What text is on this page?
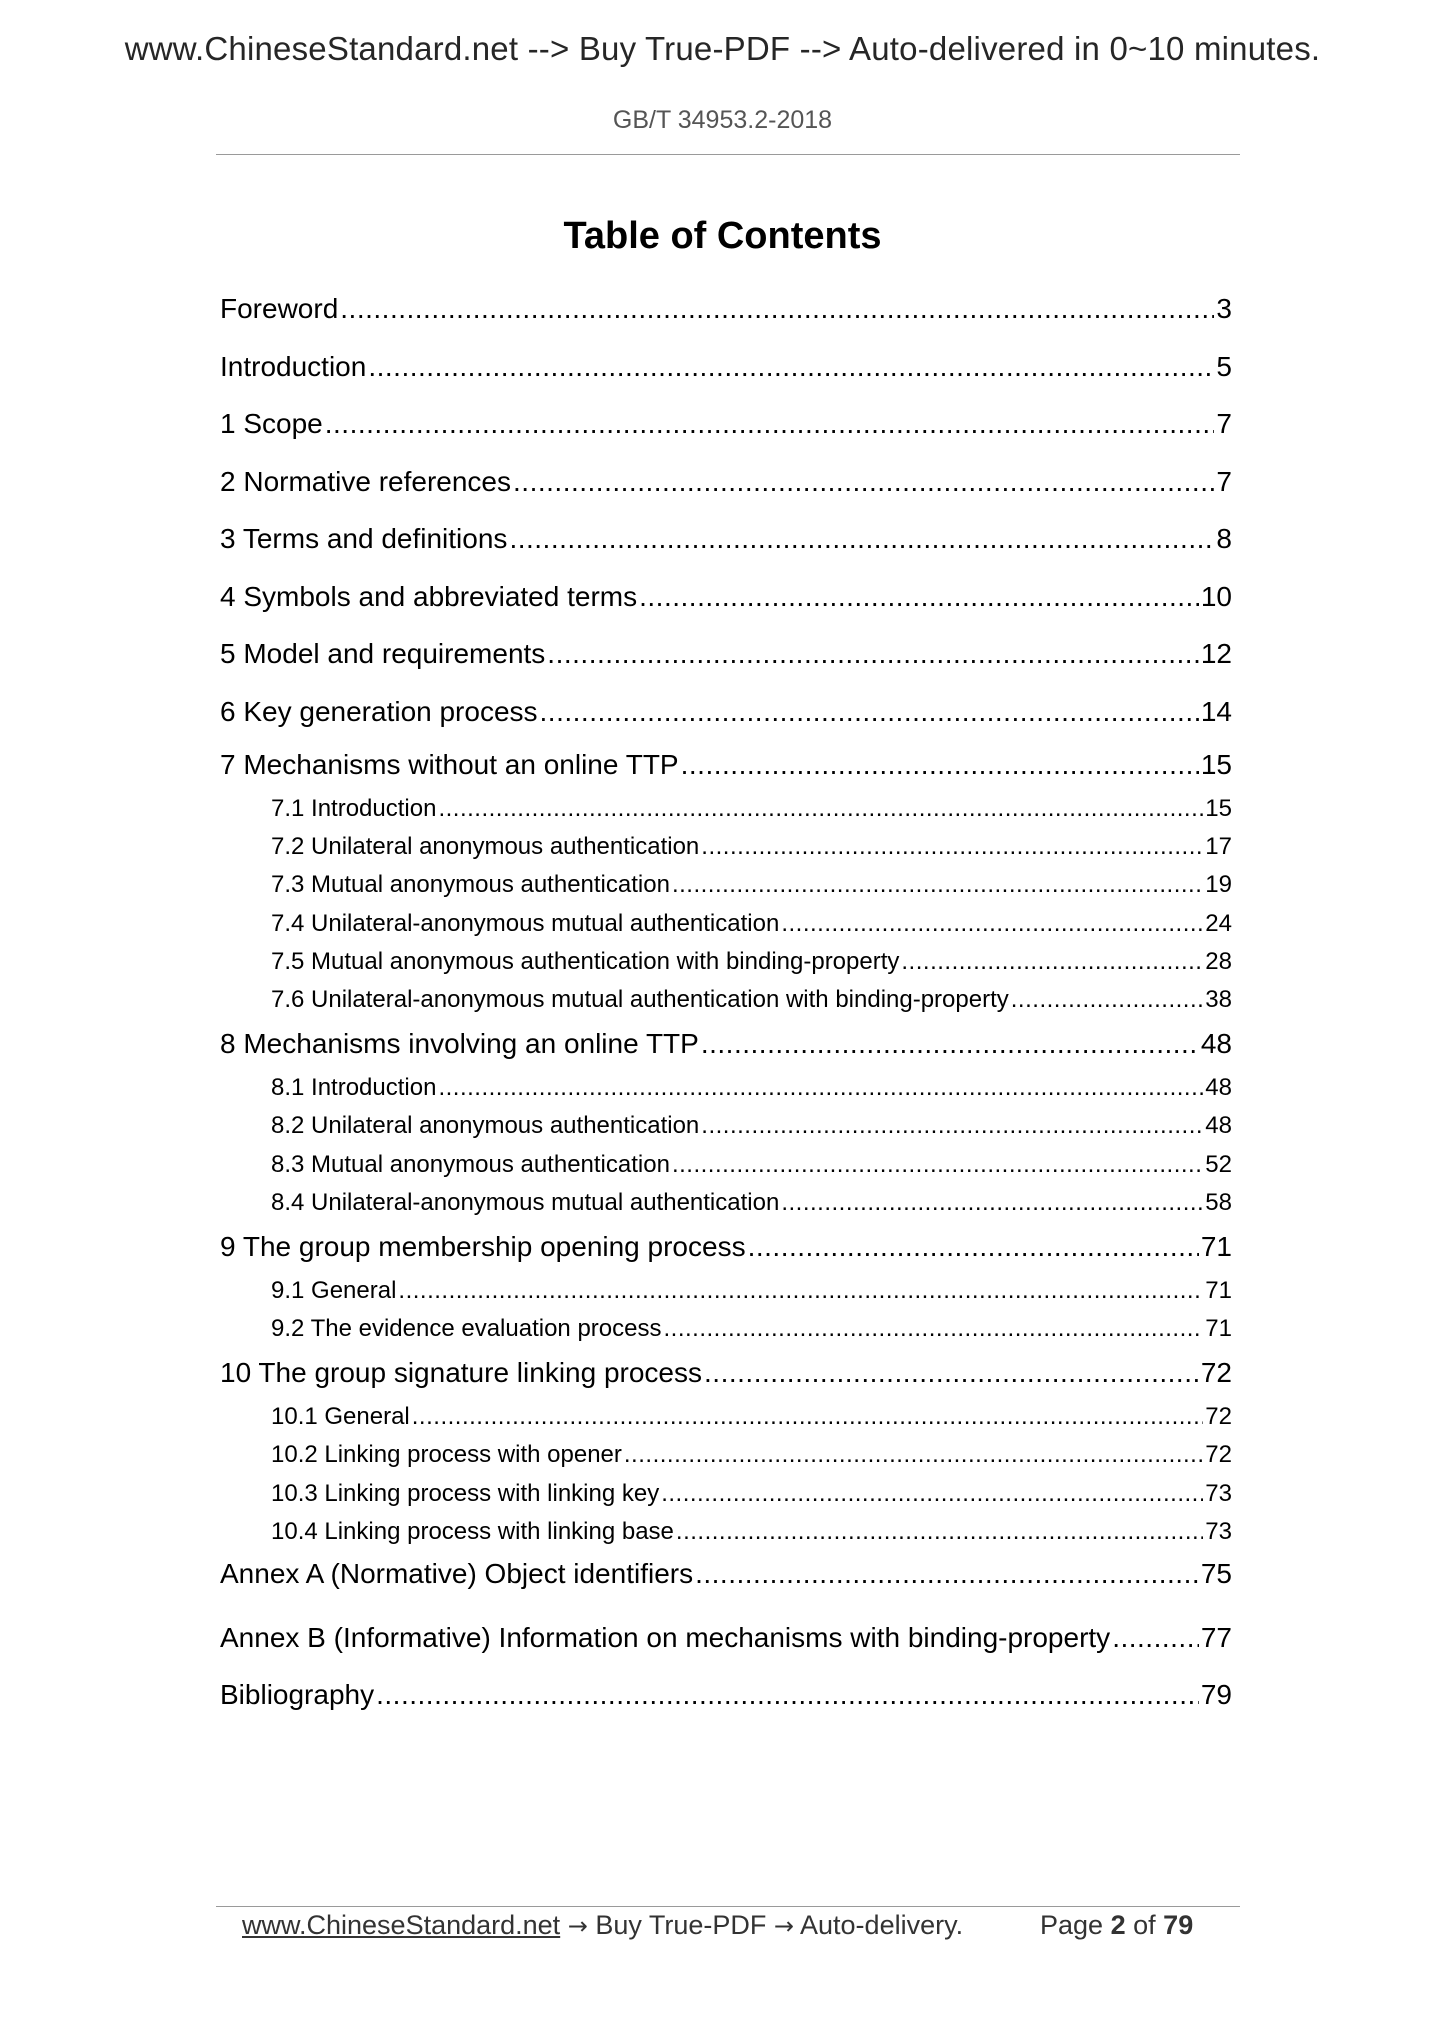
www.ChineseStandard.net --> Buy True-PDF --> Auto-delivered in 0~10 minutes.
GB/T 34953.2-2018
Table of Contents
Foreword .....	3
Introduction .....	5
1 Scope .....	7
2 Normative references .....	7
3 Terms and definitions .....	8
4 Symbols and abbreviated terms .....	10
5 Model and requirements .....	12
6 Key generation process .....	14
7 Mechanisms without an online TTP .....	15
7.1 Introduction .....	15
7.2 Unilateral anonymous authentication .....	17
7.3 Mutual anonymous authentication .....	19
7.4 Unilateral-anonymous mutual authentication .....	24
7.5 Mutual anonymous authentication with binding-property .....	28
7.6 Unilateral-anonymous mutual authentication with binding-property .....	38
8 Mechanisms involving an online TTP .....	48
8.1 Introduction .....	48
8.2 Unilateral anonymous authentication .....	48
8.3 Mutual anonymous authentication .....	52
8.4 Unilateral-anonymous mutual authentication .....	58
9 The group membership opening process .....	71
9.1 General .....	71
9.2 The evidence evaluation process .....	71
10 The group signature linking process .....	72
10.1 General .....	72
10.2 Linking process with opener .....	72
10.3 Linking process with linking key .....	73
10.4 Linking process with linking base .....	73
Annex A (Normative) Object identifiers .....	75
Annex B (Informative) Information on mechanisms with binding-property .....	77
Bibliography .....	79
www.ChineseStandard.net → Buy True-PDF → Auto-delivery.	Page 2 of 79
